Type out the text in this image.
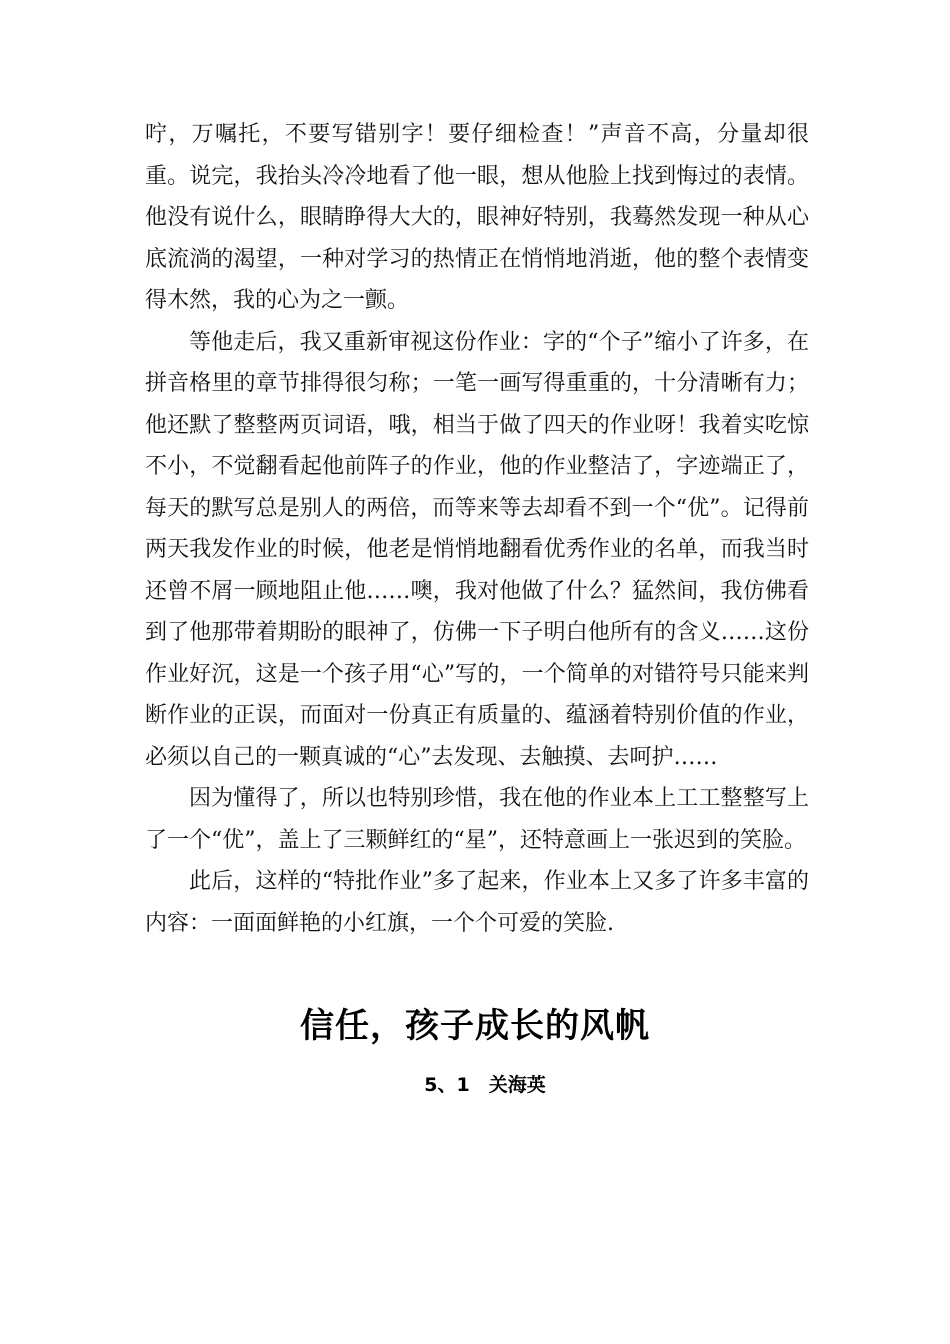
咛，万嘱托，不要写错别字！要仔细检查！”声音不高，分量却很重。说完，我抬头冷冷地看了他一眼，想从他脸上找到悔过的表情。他没有说什么，眼睛睁得大大的，眼神好特别，我蓦然发现一种从心底流淌的渴望，一种对学习的热情正在悄悄地消逝，他的整个表情变得木然，我的心为之一颤。

等他走后，我又重新审视这份作业：字的“个子”缩小了许多，在拼音格里的章节排得很匀称；一笔一画写得重重的，十分清晰有力；他还默了整整两页词语，哦，相当于做了四天的作业呀！我着实吃惊不小，不觉翻看起他前阵子的作业，他的作业整洁了，字迹端正了，每天的默写总是别人的两倍，而等来等去却看不到一个“优”。记得前两天我发作业的时候，他老是悄悄地翻看优秀作业的名单，而我当时还曾不屑一顾地阻止他……噢，我对他做了什么？猛然间，我仿佛看到了他那带着期盼的眼神了，仿佛一下子明白他所有的含义……这份作业好沉，这是一个孩子用“心”写的，一个简单的对错符号只能来判断作业的正误，而面对一份真正有质量的、蕴涵着特别价值的作业，必须以自己的一颗真诚的“心”去发现、去触摸、去呵护……

因为懂得了，所以也特别珍惜，我在他的作业本上工工整整写上了一个“优”，盖上了三颗鲜红的“星”，还特意画上一张迟到的笑脸。

此后，这样的“特批作业”多了起来，作业本上又多了许多丰富的内容：一面面鲜艳的小红旗，一个个可爱的笑脸.

信任，孩子成长的风帆
5、1　关海英
